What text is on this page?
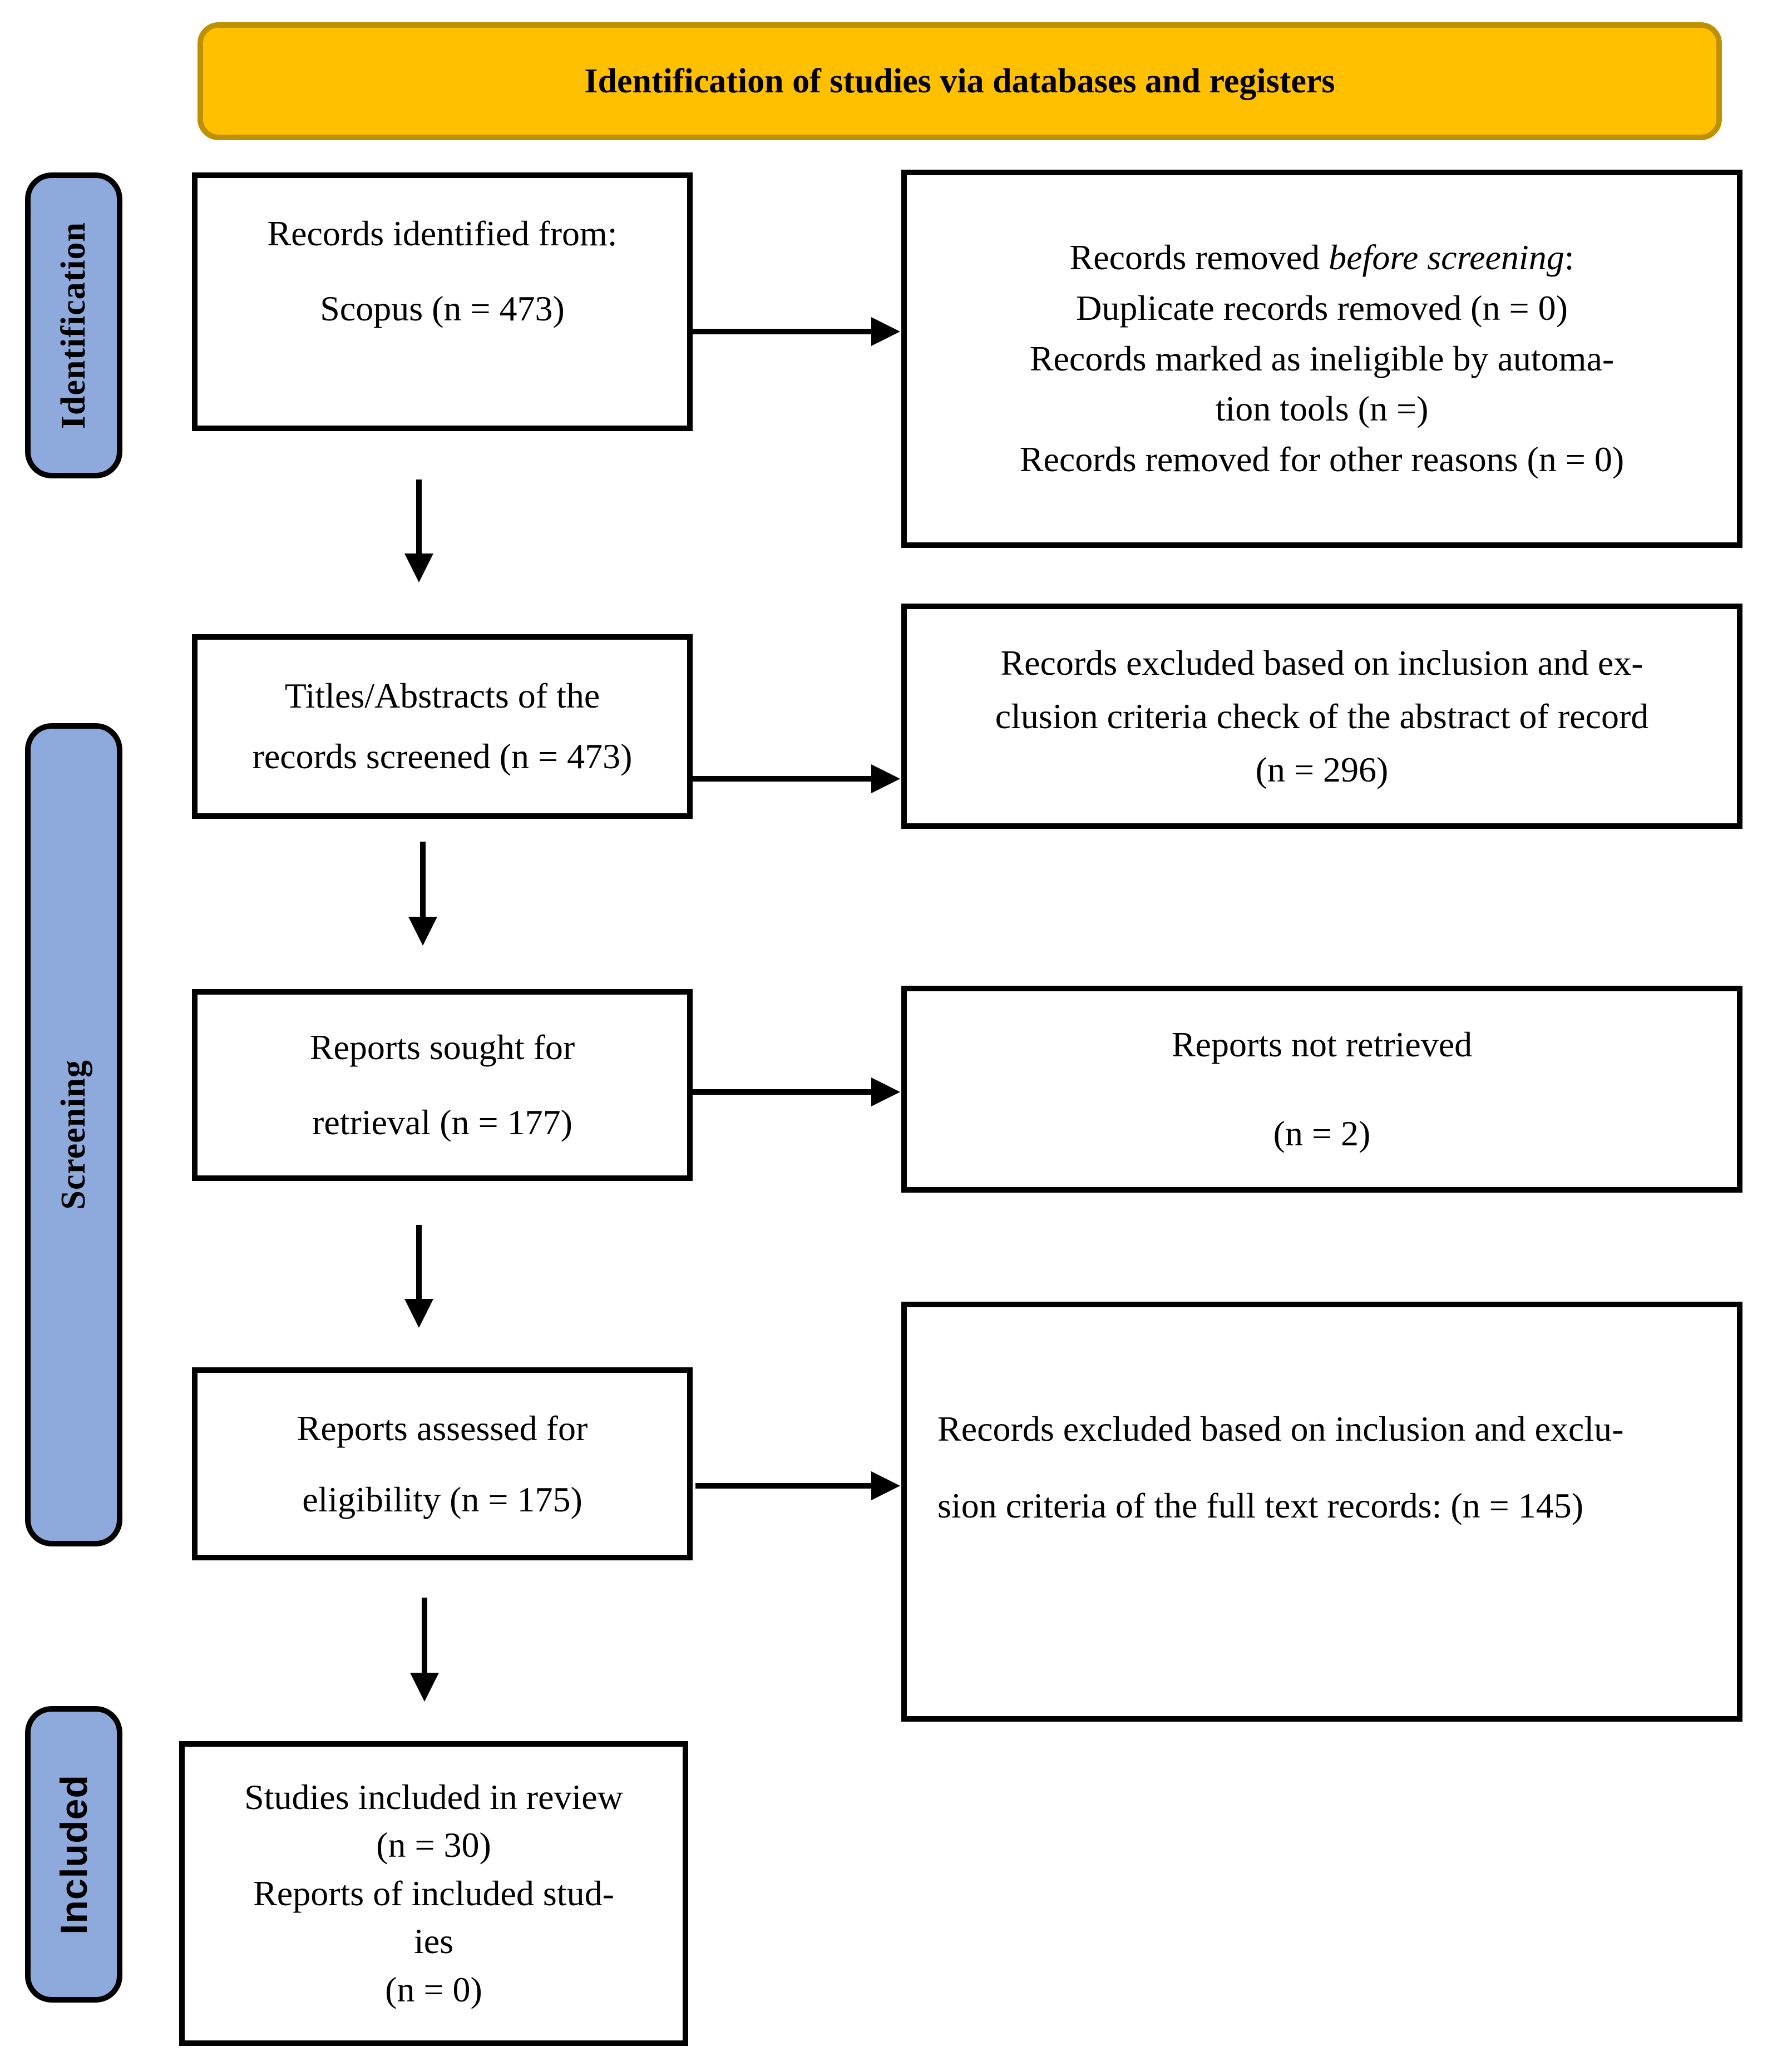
Identification of studies via databases and registers
Identification
Screening
Included
Records identified from:
Scopus (n = 473)
Records removed before screening:
Duplicate records removed (n = 0)
Records marked as ineligible by automa-
tion tools (n =)
Records removed for other reasons (n = 0)
Titles/Abstracts of the
records screened (n = 473)
Records excluded based on inclusion and ex-
clusion criteria check of the abstract of record
(n = 296)
Reports sought for
retrieval (n = 177)
Reports not retrieved
(n = 2)
Reports assessed for
eligibility (n = 175)
Records excluded based on inclusion and exclu-
sion criteria of the full text records: (n = 145)
Studies included in review
(n = 30)
Reports of included stud-
ies
(n = 0)
